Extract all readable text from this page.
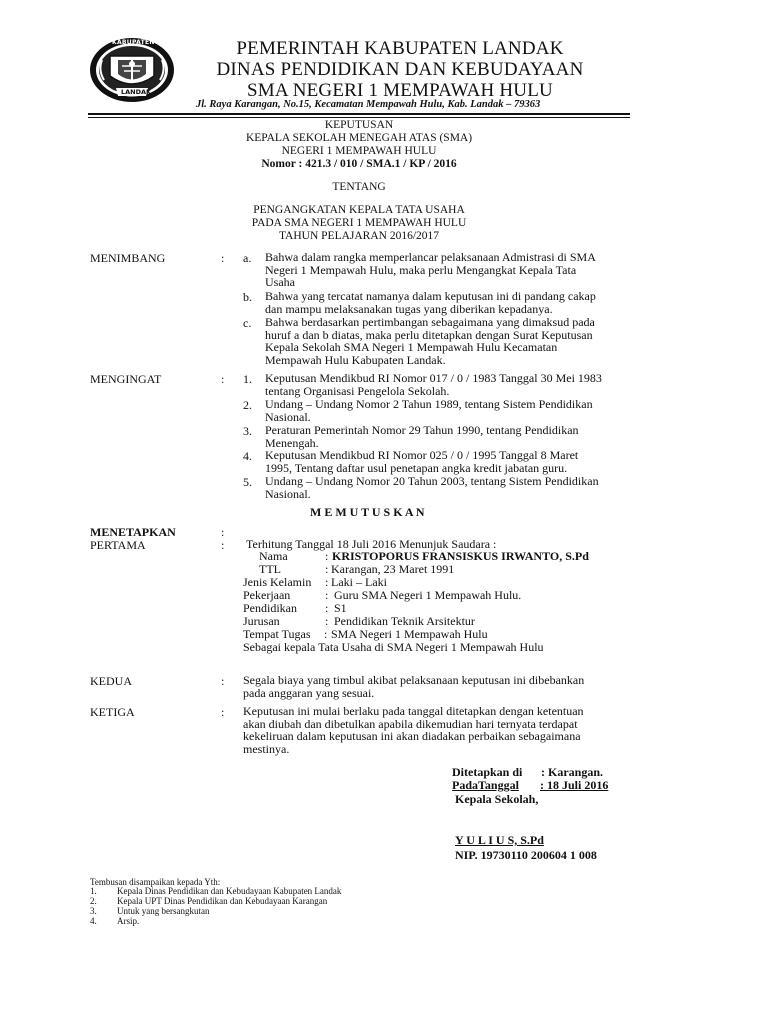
KABUPATEN
LANDAK
PEMERINTAH KABUPATEN LANDAK
DINAS PENDIDIKAN DAN KEBUDAYAAN
SMA NEGERI 1 MEMPAWAH HULU
Jl. Raya Karangan, No.15, Kecamatan Mempawah Hulu, Kab. Landak – 79363
KEPUTUSAN
KEPALA SEKOLAH MENEGAH ATAS (SMA)
NEGERI 1 MEMPAWAH HULU
Nomor : 421.3 / 010 / SMA.1 / KP / 2016
TENTANG
PENGANGKATAN KEPALA TATA USAHA
PADA SMA NEGERI 1 MEMPAWAH HULU
TAHUN PELAJARAN 2016/2017
MENIMBANG	: a. Bahwa dalam rangka memperlancar pelaksanaan Admistrasi di SMA
Negeri 1 Mempawah Hulu, maka perlu Mengangkat Kepala Tata
Usaha
b. Bahwa yang tercatat namanya dalam keputusan ini di pandang cakap
dan mampu melaksanakan tugas yang diberikan kepadanya.
c. Bahwa berdasarkan pertimbangan sebagaimana yang dimaksud pada
huruf a dan b diatas, maka perlu ditetapkan dengan Surat Keputusan
Kepala Sekolah SMA Negeri 1 Mempawah Hulu Kecamatan
Mempawah Hulu Kabupaten Landak.
MENGINGAT	: 1. Keputusan Mendikbud RI Nomor 017 / 0 / 1983 Tanggal 30 Mei 1983
tentang Organisasi Pengelola Sekolah.
2. Undang – Undang Nomor 2 Tahun 1989, tentang Sistem Pendidikan
Nasional.
3. Peraturan Pemerintah Nomor 29 Tahun 1990, tentang Pendidikan
Menengah.
4. Keputusan Mendikbud RI Nomor 025 / 0 / 1995 Tanggal 8 Maret
1995, Tentang daftar usul penetapan angka kredit jabatan guru.
5. Undang – Undang Nomor 20 Tahun 2003, tentang Sistem Pendidikan
Nasional.
M E M U T U S K A N
MENETAPKAN	:
PERTAMA	: Terhitung Tanggal 18 Juli 2016 Menunjuk Saudara :
Nama	: KRISTOPORUS FRANSISKUS IRWANTO, S.Pd
TTL	: Karangan, 23 Maret 1991
Jenis Kelamin : Laki – Laki
Pekerjaan	: Guru SMA Negeri 1 Mempawah Hulu.
Pendidikan : S1
Jurusan	: Pendidikan Teknik Arsitektur
Tempat Tugas : SMA Negeri 1 Mempawah Hulu
Sebagai kepala Tata Usaha di SMA Negeri 1 Mempawah Hulu
KEDUA	: Segala biaya yang timbul akibat pelaksanaan keputusan ini dibebankan
pada anggaran yang sesuai.
KETIGA	: Keputusan ini mulai berlaku pada tanggal ditetapkan dengan ketentuan
akan diubah dan dibetulkan apabila dikemudian hari ternyata terdapat
kekeliruan dalam keputusan ini akan diadakan perbaikan sebagaimana
mestinya.
Ditetapkan di : Karangan.
PadaTanggal : 18 Juli 2016
Kepala Sekolah,
Y U L I U S, S.Pd
NIP. 19730110 200604 1 008
Tembusan disampaikan kepada Yth:
1. Kepala Dinas Pendidikan dan Kebudayaan Kabupaten Landak
2. Kepala UPT Dinas Pendidikan dan Kebudayaan Karangan
3. Untuk yang bersangkutan
4. Arsip.
